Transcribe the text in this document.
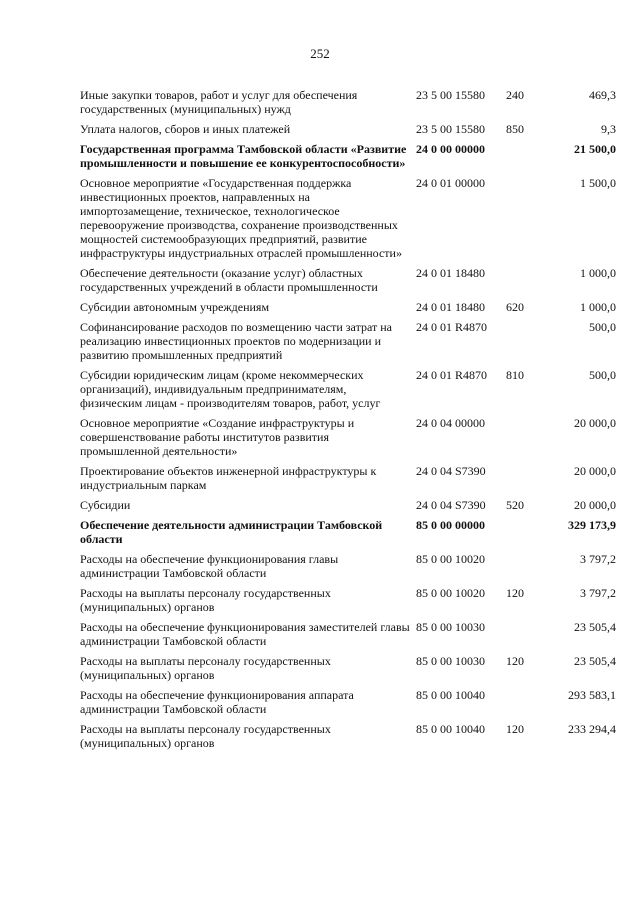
252
Иные закупки товаров, работ и услуг для обеспечения государственных (муниципальных) нужд	23 5 00 15580	240	469,3
Уплата налогов, сборов и иных платежей	23 5 00 15580	850	9,3
Государственная программа Тамбовской области «Развитие промышленности и повышение ее конкурентоспособности»	24 0 00 00000		21 500,0
Основное мероприятие «Государственная поддержка инвестиционных проектов, направленных на импортозамещение, техническое, технологическое перевооружение производства, сохранение производственных мощностей системообразующих предприятий, развитие инфраструктуры индустриальных отраслей промышленности»	24 0 01 00000		1 500,0
Обеспечение деятельности (оказание услуг) областных государственных учреждений в области промышленности	24 0 01 18480		1 000,0
Субсидии автономным учреждениям	24 0 01 18480	620	1 000,0
Софинансирование расходов по возмещению части затрат на реализацию инвестиционных проектов по модернизации и развитию промышленных предприятий	24 0 01 R4870		500,0
Субсидии юридическим лицам (кроме некоммерческих организаций), индивидуальным предпринимателям, физическим лицам - производителям товаров, работ, услуг	24 0 01 R4870	810	500,0
Основное мероприятие «Создание инфраструктуры и совершенствование работы институтов развития промышленной деятельности»	24 0 04 00000		20 000,0
Проектирование объектов инженерной инфраструктуры к индустриальным паркам	24 0 04 S7390		20 000,0
Субсидии	24 0 04 S7390	520	20 000,0
Обеспечение деятельности администрации Тамбовской области	85 0 00 00000		329 173,9
Расходы на обеспечение функционирования главы администрации Тамбовской области	85 0 00 10020		3 797,2
Расходы на выплаты персоналу государственных (муниципальных) органов	85 0 00 10020	120	3 797,2
Расходы на обеспечение функционирования заместителей главы администрации Тамбовской области	85 0 00 10030		23 505,4
Расходы на выплаты персоналу государственных (муниципальных) органов	85 0 00 10030	120	23 505,4
Расходы на обеспечение функционирования аппарата администрации Тамбовской области	85 0 00 10040		293 583,1
Расходы на выплаты персоналу государственных (муниципальных) органов	85 0 00 10040	120	233 294,4
